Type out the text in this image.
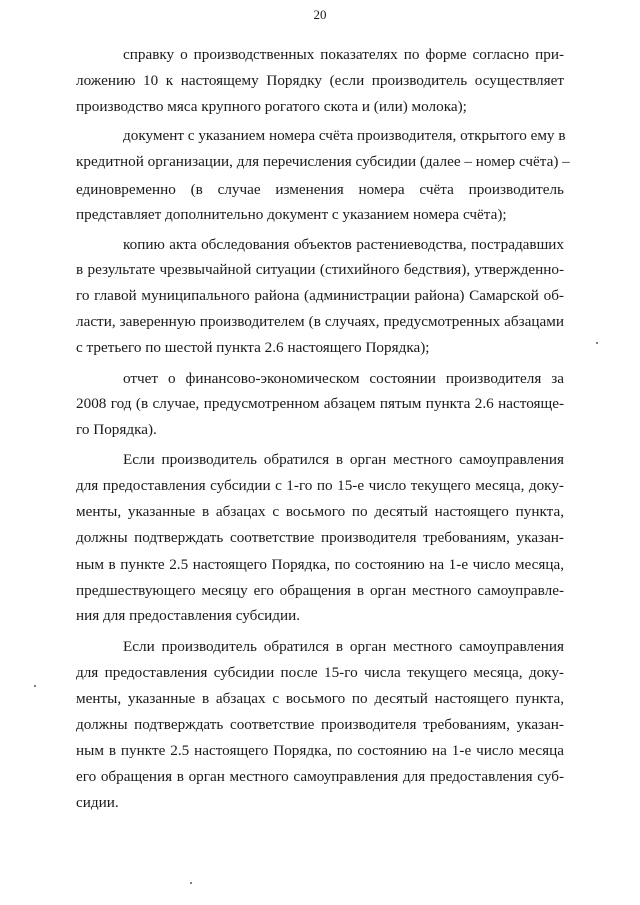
20
справку о производственных показателях по форме согласно при-
ложению 10 к настоящему Порядку (если производитель осуществляет
производство мяса крупного рогатого скота и (или) молока);
документ с указанием номера счёта производителя, открытого ему в
кредитной организации, для перечисления субсидии (далее – номер счёта) –
единовременно (в случае изменения номера счёта производитель
представляет дополнительно документ с указанием номера счёта);
копию акта обследования объектов растениеводства, пострадавших
в результате чрезвычайной ситуации (стихийного бедствия), утвержденно-
го главой муниципального района (администрации района) Самарской об-
ласти, заверенную производителем (в случаях, предусмотренных абзацами
с третьего по шестой пункта 2.6 настоящего Порядка);
отчет о финансово-экономическом состоянии производителя за
2008 год (в случае, предусмотренном абзацем пятым пункта 2.6 настояще-
го Порядка).
Если производитель обратился в орган местного самоуправления
для предоставления субсидии с 1-го по 15-е число текущего месяца, доку-
менты, указанные в абзацах с восьмого по десятый настоящего пункта,
должны подтверждать соответствие производителя требованиям, указан-
ным в пункте 2.5 настоящего Порядка, по состоянию на 1-е число месяца,
предшествующего месяцу его обращения в орган местного самоуправле-
ния для предоставления субсидии.
Если производитель обратился в орган местного самоуправления
для предоставления субсидии после 15-го числа текущего месяца, доку-
менты, указанные в абзацах с восьмого по десятый настоящего пункта,
должны подтверждать соответствие производителя требованиям, указан-
ным в пункте 2.5 настоящего Порядка, по состоянию на 1-е число месяца
его обращения в орган местного самоуправления для предоставления суб-
сидии.
